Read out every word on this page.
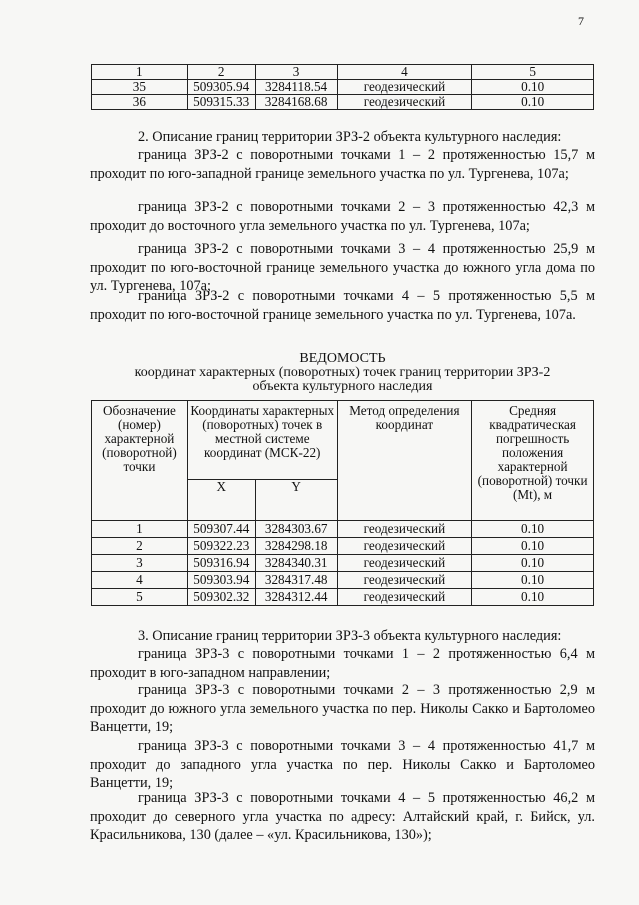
7
1	2	3	4	5
35	509305.94	3284118.54	геодезический	0.10
36	509315.33	3284168.68	геодезический	0.10

2. Описание границ территории ЗРЗ-2 объекта культурного наследия:

граница ЗРЗ-2 с поворотными точками 1 – 2 протяженностью 15,7 м проходит по юго-западной границе земельного участка по ул. Тургенева, 107а;

граница ЗРЗ-2 с поворотными точками 2 – 3 протяженностью 42,3 м проходит до восточного угла земельного участка по ул. Тургенева, 107а;

граница ЗРЗ-2 с поворотными точками 3 – 4 протяженностью 25,9 м проходит по юго-восточной границе земельного участка до южного угла дома по ул. Тургенева, 107а;

граница ЗРЗ-2 с поворотными точками 4 – 5 протяженностью 5,5 м проходит по юго-восточной границе земельного участка по ул. Тургенева, 107а.

ВЕДОМОСТЬ

координат характерных (поворотных) точек границ территории ЗРЗ-2

объекта культурного наследия

Обозначение (номер) характерной (поворотной) точки	Координаты характерных (поворотных) точек в местной системе координат (МСК-22)		Метод определения координат	Средняя квадратическая погрешность положения характерной (поворотной) точки (Mt), м
	X	Y		
1	509307.44	3284303.67	геодезический	0.10
2	509322.23	3284298.18	геодезический	0.10
3	509316.94	3284340.31	геодезический	0.10
4	509303.94	3284317.48	геодезический	0.10
5	509302.32	3284312.44	геодезический	0.10

3. Описание границ территории ЗРЗ-3 объекта культурного наследия:

граница ЗРЗ-3 с поворотными точками 1 – 2 протяженностью 6,4 м проходит в юго-западном направлении;

граница ЗРЗ-3 с поворотными точками 2 – 3 протяженностью 2,9 м проходит до южного угла земельного участка по пер. Николы Сакко и Бартоломео Ванцетти, 19;

граница ЗРЗ-3 с поворотными точками 3 – 4 протяженностью 41,7 м проходит до западного угла участка по пер. Николы Сакко и Бартоломео Ванцетти, 19;

граница ЗРЗ-3 с поворотными точками 4 – 5 протяженностью 46,2 м проходит до северного угла участка по адресу: Алтайский край, г. Бийск, ул. Красильникова, 130 (далее – «ул. Красильникова, 130»);
